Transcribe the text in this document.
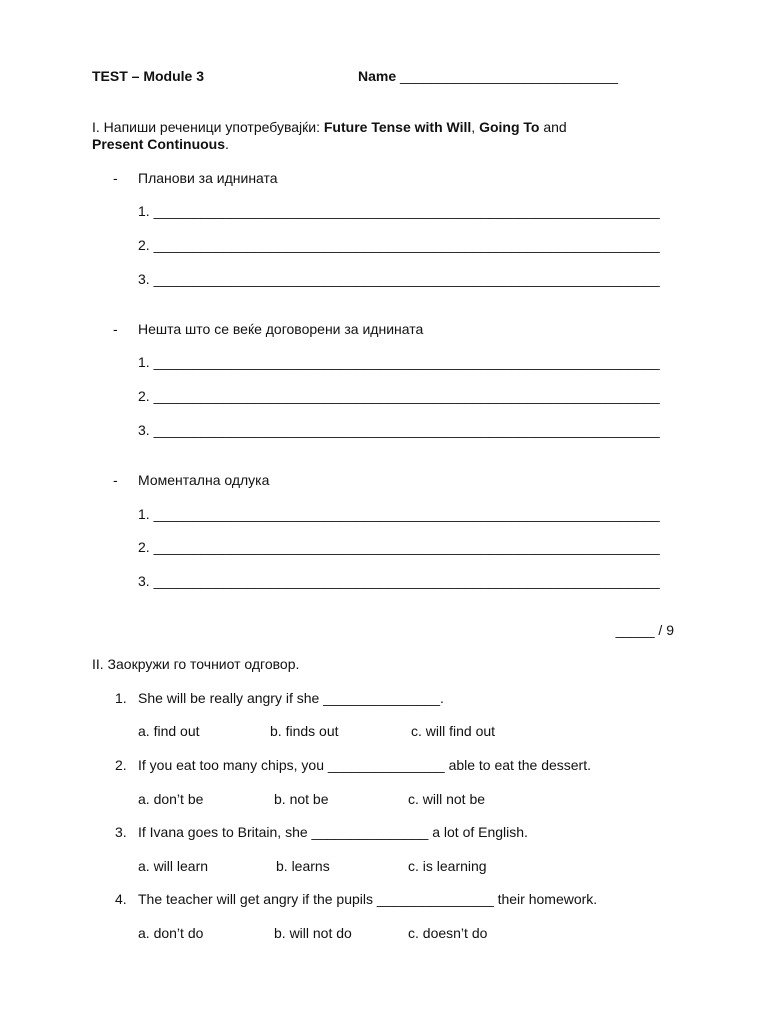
TEST – Module 3	Name ____________________________
I. Напиши реченици употребувајќи: Future Tense with Will, Going To and
Present Continuous.
- Планови за иднината
1. _________________________________________________________________
2. _________________________________________________________________
3. _________________________________________________________________
- Нешта што се веќе договорени за иднината
1. _________________________________________________________________
2. _________________________________________________________________
3. _________________________________________________________________
- Моментална одлука
1. _________________________________________________________________
2. _________________________________________________________________
3. _________________________________________________________________
_____ / 9
II. Заокружи го точниот одговор.
1. She will be really angry if she _______________.
a. find out	b. finds out	c. will find out
2. If you eat too many chips, you _______________ able to eat the dessert.
a. don’t be	b. not be	c. will not be
3. If Ivana goes to Britain, she _______________ a lot of English.
a. will learn	b. learns	c. is learning
4. The teacher will get angry if the pupils _______________ their homework.
a. don’t do	b. will not do	c. doesn’t do
